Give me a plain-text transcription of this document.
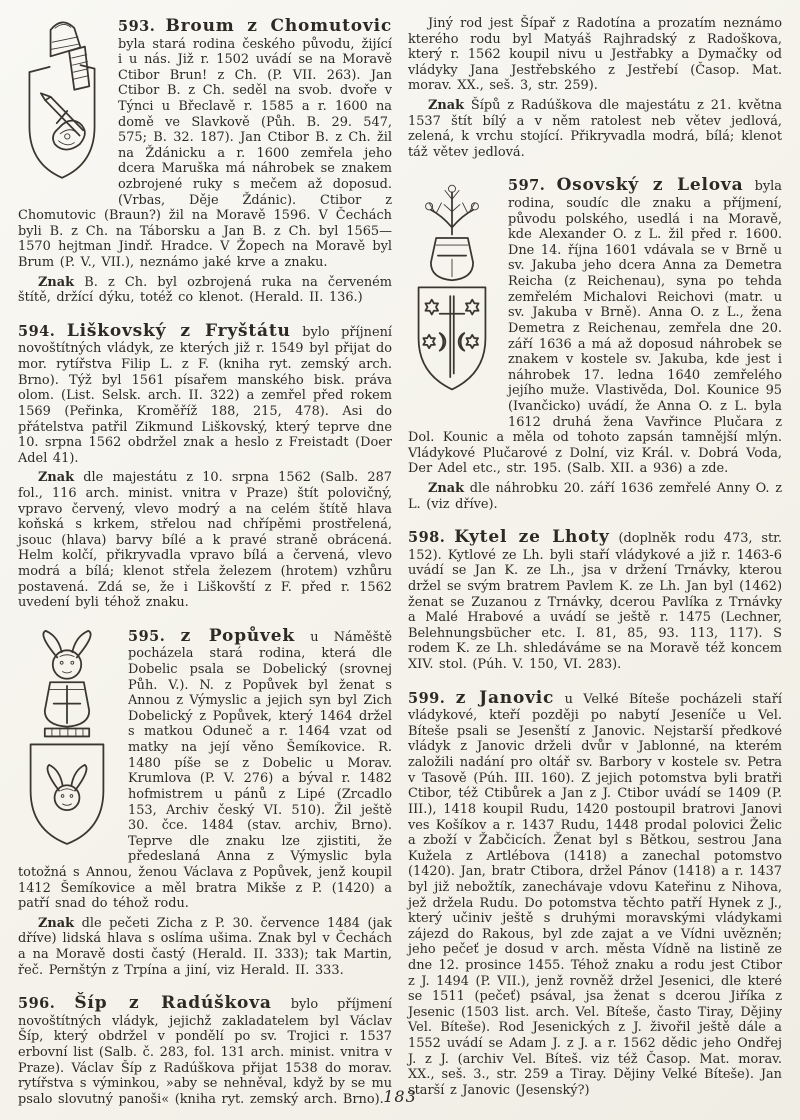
593. Broum z Chomutovic
byla stará rodina českého původu, žijící i u nás. Již r. 1502 uvádí se na Moravě Ctibor Brun! z Ch. (P. VII. 263). Jan Ctibor B. z Ch. seděl na svob. dvoře v Týnci u Břeclavě r. 1585 a r. 1600 na domě ve Slavkově (Půh. B. 29. 547, 575; B. 32. 187). Jan Ctibor B. z Ch. žil na Ždánicku a r. 1600 zemřela jeho dcera Maruška má náhrobek se znakem ozbrojené ruky s mečem až doposud. (Vrbas, Děje Ždánic). Ctibor z Chomutovic (Braun?) žil na Moravě 1596. V Čechách byli B. z Ch. na Táborsku a Jan B. z Ch. byl 1565—1570 hejtman Jindř. Hradce. V Žopech na Moravě byl Brum (P. V., VII.), neznámo jaké krve a znaku.

Znak B. z Ch. byl ozbrojená ruka na červeném štítě, držící dýku, totéž co klenot. (Herald. II. 136.)

594. Liškovský z Fryštátu bylo příjnení novoštítných vládyk, ze kterých již r. 1549 byl přijat do mor. rytířstva Filip L. z F. (kniha ryt. zemský arch. Brno). Týž byl 1561 písařem manského bisk. práva olom. (List. Selsk. arch. II. 322) a zemřel před rokem 1569 (Peřinka, Kroměříž 188, 215, 478). Asi do přátelstva patřil Zikmund Liškovský, který teprve dne 10. srpna 1562 obdržel znak a heslo z Freistadt (Doer Adel 41).

Znak dle majestátu z 10. srpna 1562 (Salb. 287 fol., 116 arch. minist. vnitra v Praze) štít polovičný, vpravo červený, vlevo modrý a na celém štítě hlava koňská s krkem, střelou nad chřípěmi prostřelená, jsouc (hlava) barvy bílé a k pravé straně obrácená. Helm kolčí, přikryvadla vpravo bílá a červená, vlevo modrá a bílá; klenot střela železem (hrotem) vzhůru postavená. Zdá se, že i Liškovští z F. před r. 1562 uvedení byli téhož znaku.

595. z Popůvek u Náměště pocházela stará rodina, která dle Dobelic psala se Dobelický (srovnej Půh. V.). N. z Popůvek byl ženat s Annou z Výmyslic a jejich syn byl Zich Dobelický z Popůvek, který 1464 držel s matkou Oduneč a r. 1464 vzat od matky na její věno Šemíkovice. R. 1480 píše se z Dobelic u Morav. Krumlova (P. V. 276) a býval r. 1482 hofmistrem u pánů z Lipé (Zrcadlo 153, Archiv český VI. 510). Žil ještě 30. čce. 1484 (stav. archiv, Brno). Teprve dle znaku lze zjistiti, že předeslaná Anna z Výmyslic byla totožná s Annou, ženou Václava z Popůvek, jenž koupil 1412 Šemíkovice a měl bratra Mikše z P. (1420) a patří snad do téhož rodu.

Znak dle pečeti Zicha z P. 30. července 1484 (jak dříve) lidská hlava s oslíma ušima. Znak byl v Čechách a na Moravě dosti častý (Herald. II. 333); tak Martin, řeč. Pernštýn z Trpína a jiní, viz Herald. II. 333.

596. Šíp z Radúškova bylo příjmení novoštítných vládyk, jejichž zakladatelem byl Václav Šíp, který obdržel v pondělí po sv. Trojici r. 1537 erbovní list (Salb. č. 283, fol. 131 arch. minist. vnitra v Praze). Václav Šíp z Radúškova přijat 1538 do morav. rytířstva s výminkou, »aby se nehněval, když by se mu psalo slovutný panoši« (kniha ryt. zemský arch. Brno).

Jiný rod jest Šípař z Radotína a prozatím neznámo kterého rodu byl Matyáš Rajhradský z Radoškova, který r. 1562 koupil nivu u Jestřabky a Dymačky od vládyky Jana Jestřebského z Jestřebí (Časop. Mat. morav. XX., seš. 3, str. 259).

Znak Šípů z Radúškova dle majestátu z 21. května 1537 štít bílý a v něm ratolest neb větev jedlová, zelená, k vrchu stojící. Přikryvadla modrá, bílá; klenot táž větev jedlová.

597. Osovský z Lelova byla rodina, soudíc dle znaku a příjmení, původu polského, usedlá i na Moravě, kde Alexander O. z L. žil před r. 1600. Dne 14. října 1601 vdávala se v Brně u sv. Jakuba jeho dcera Anna za Demetra Reicha (z Reichenau), syna po tehda zemřelém Michalovi Reichovi (matr. u sv. Jakuba v Brně). Anna O. z L., žena Demetra z Reichenau, zemřela dne 20. září 1636 a má až doposud náhrobek se znakem v kostele sv. Jakuba, kde jest i náhrobek 17. ledna 1640 zemřelého jejího muže. Vlastivěda, Dol. Kounice 95 (Ivančicko) uvádí, že Anna O. z L. byla 1612 druhá žena Vavřince Plučara z Dol. Kounic a měla od tohoto zapsán tamnější mlýn. Vládykové Plučarové z Dolní, viz Král. v. Dobrá Voda, Der Adel etc., str. 195. (Salb. XII. a 936) a zde.

Znak dle náhrobku 20. září 1636 zemřelé Anny O. z L. (viz dříve).

598. Kytel ze Lhoty (doplněk rodu 473, str. 152). Kytlové ze Lh. byli staří vládykové a již r. 1463-6 uvádí se Jan K. ze Lh., jsa v držení Trnávky, kterou držel se svým bratrem Pavlem K. ze Lh. Jan byl (1462) ženat se Zuzanou z Trnávky, dcerou Pavlíka z Trnávky a Malé Hrabové a uvádí se ještě r. 1475 (Lechner, Belehnungsbücher etc. I. 81, 85, 93. 113, 117). S rodem K. ze Lh. shledáváme se na Moravě též koncem XIV. stol. (Púh. V. 150, VI. 283).

599. z Janovic u Velké Bíteše pocházeli staří vládykové, kteří později po nabytí Jeseníče u Vel. Bíteše psali se Jesenští z Janovic. Nejstarší předkové vládyk z Janovic drželi dvůr v Jablonné, na kterém založili nadání pro oltář sv. Barbory v kostele sv. Petra v Tasově (Púh. III. 160). Z jejich potomstva byli bratři Ctibor, též Ctibůrek a Jan z J. Ctibor uvádí se 1409 (P. III.), 1418 koupil Rudu, 1420 postoupil bratrovi Janovi ves Košíkov a r. 1437 Rudu, 1448 prodal polovici Želic a zboží v Žabčicích. Ženat byl s Bětkou, sestrou Jana Kužela z Artlébova (1418) a zanechal potomstvo (1420). Jan, bratr Ctibora, držel Pánov (1418) a r. 1437 byl již nebožtík, zanechávaje vdovu Kateřinu z Nihova, jež držela Rudu. Do potomstva těchto patří Hynek z J., který učiniv ještě s druhými moravskými vládykami zájezd do Rakous, byl zde zajat a ve Vídni uvězněn; jeho pečeť je dosud v arch. města Vídně na listině ze dne 12. prosince 1455. Téhož znaku a rodu jest Ctibor z J. 1494 (P. VII.), jenž rovněž držel Jesenici, dle které se 1511 (pečeť) psával, jsa ženat s dcerou Jiříka z Jesenic (1503 list. arch. Vel. Bíteše, často Tiray, Dějiny Vel. Bíteše). Rod Jesenických z J. živořil ještě dále a 1552 uvádí se Adam J. z J. a r. 1562 dědic jeho Ondřej J. z J. (archiv Vel. Bíteš. viz též Časop. Mat. morav. XX., seš. 3., str. 259 a Tiray. Dějiny Velké Bíteše). Jan starší z Janovic (Jesenský?)

183
